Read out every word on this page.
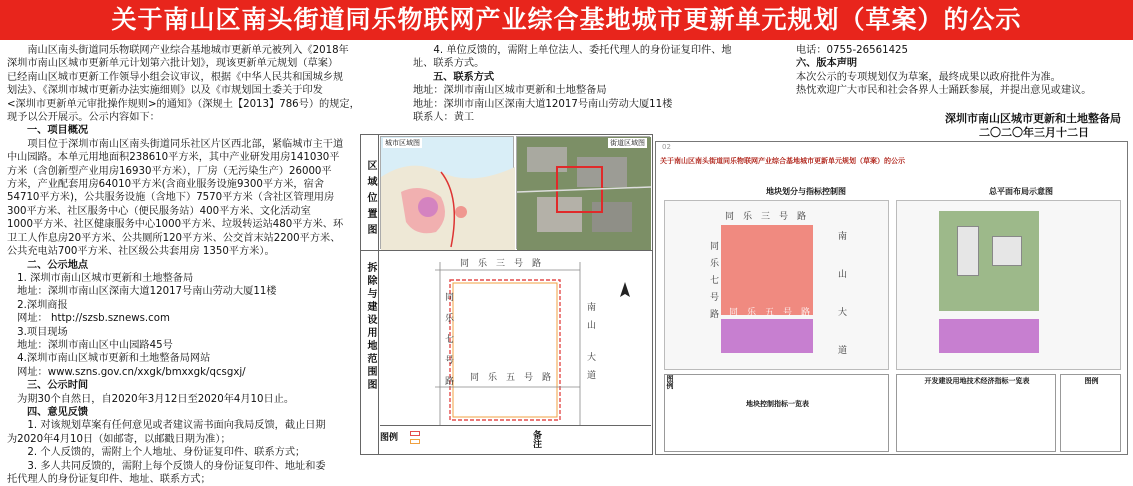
关于南山区南头街道同乐物联网产业综合基地城市更新单元规划（草案）的公示

　　南山区南头街道同乐物联网产业综合基地城市更新单元被列入《2018年

深圳市南山区城市更新单元计划第六批计划》，现该更新单元规划（草案）

已经南山区城市更新工作领导小组会议审议，根据《中华人民共和国城乡规

划法》、《深圳市城市更新办法实施细则》以及《市规划国土委关于印发

<深圳市更新单元审批操作规则>的通知》（深规土【2013】786号）的规定，

现予以公开展示。公示内容如下：

一、项目概况

　　项目位于深圳市南山区南头街道同乐社区片区西北部，紧临城市主干道

中山园路。本单元用地面积238610平方米，其中产业研发用房141030平

方米（含创新型产业用房16930平方米），厂房（无污染生产）26000平

方米，产业配套用房64010平方米(含商业服务设施9300平方米，宿舍

54710平方米)，公共服务设施（含地下）7570平方米（含社区管理用房

300平方米、社区服务中心（便民服务站）400平方米、文化活动室

1000平方米、社区健康服务中心1000平方米、垃圾转运站480平方米、环

卫工人作息房20平方米、公共厕所120平方米、公交首末站2200平方米、

公共充电站700平方米、社区级公共套用房 1350平方米）。

二、公示地点

　1. 深圳市南山区城市更新和土地整备局

　地址：深圳市南山区深南大道12017号南山劳动大厦11楼

　2.深圳商报

　网址： http://szsb.sznews.com

　3.项目现场

　地址：深圳市南山区中山园路45号

　4.深圳市南山区城市更新和土地整备局网站

　网址：www.szns.gov.cn/xxgk/bmxxgk/qcsgxj/

三、公示时间

　为期30个自然日，自2020年3月12日至2020年4月10日止。

四、意见反馈

　　1. 对该规划草案有任何意见或者建议需书面向我局反馈，截止日期

为2020年4月10日（如邮寄，以邮戳日期为准）；

　　2. 个人反馈的，需附上个人地址、身份证复印件、联系方式；

　　3. 多人共同反馈的，需附上每个反馈人的身份证复印件、地址和委

托代理人的身份证复印件、地址、联系方式；

　　4. 单位反馈的，需附上单位法人、委托代理人的身份证复印件、地

址、联系方式。

五、联系方式

地址：深圳市南山区城市更新和土地整备局

地址：深圳市南山区深南大道12017号南山劳动大厦11楼

联系人：黄工

电话：0755-26561425

六、版本声明

本次公示的专项规划仅为草案，最终成果以政府批件为准。

热忱欢迎广大市民和社会各界人士踊跃参展，并提出意见或建议。

深圳市南山区城市更新和土地整备局
二〇二〇年三月十二日
区域位置图
拆除与建设用地范围图
城市区域图	街道区域图
同　乐　三　号　路
同乐七号路 同　乐　五　号　路
南　山
大　道
图例	备注
02
关于南山区南头街道同乐物联网产业综合基地城市更新单元规划（草案）的公示
地块划分与指标控制图	总平面布局示意图
同　乐　三　号　路
同乐七号路 同　乐　五　号　路	南　山　大　道
地块控制指标一览表
图例	开发建设用地技术经济指标一览表	图例
